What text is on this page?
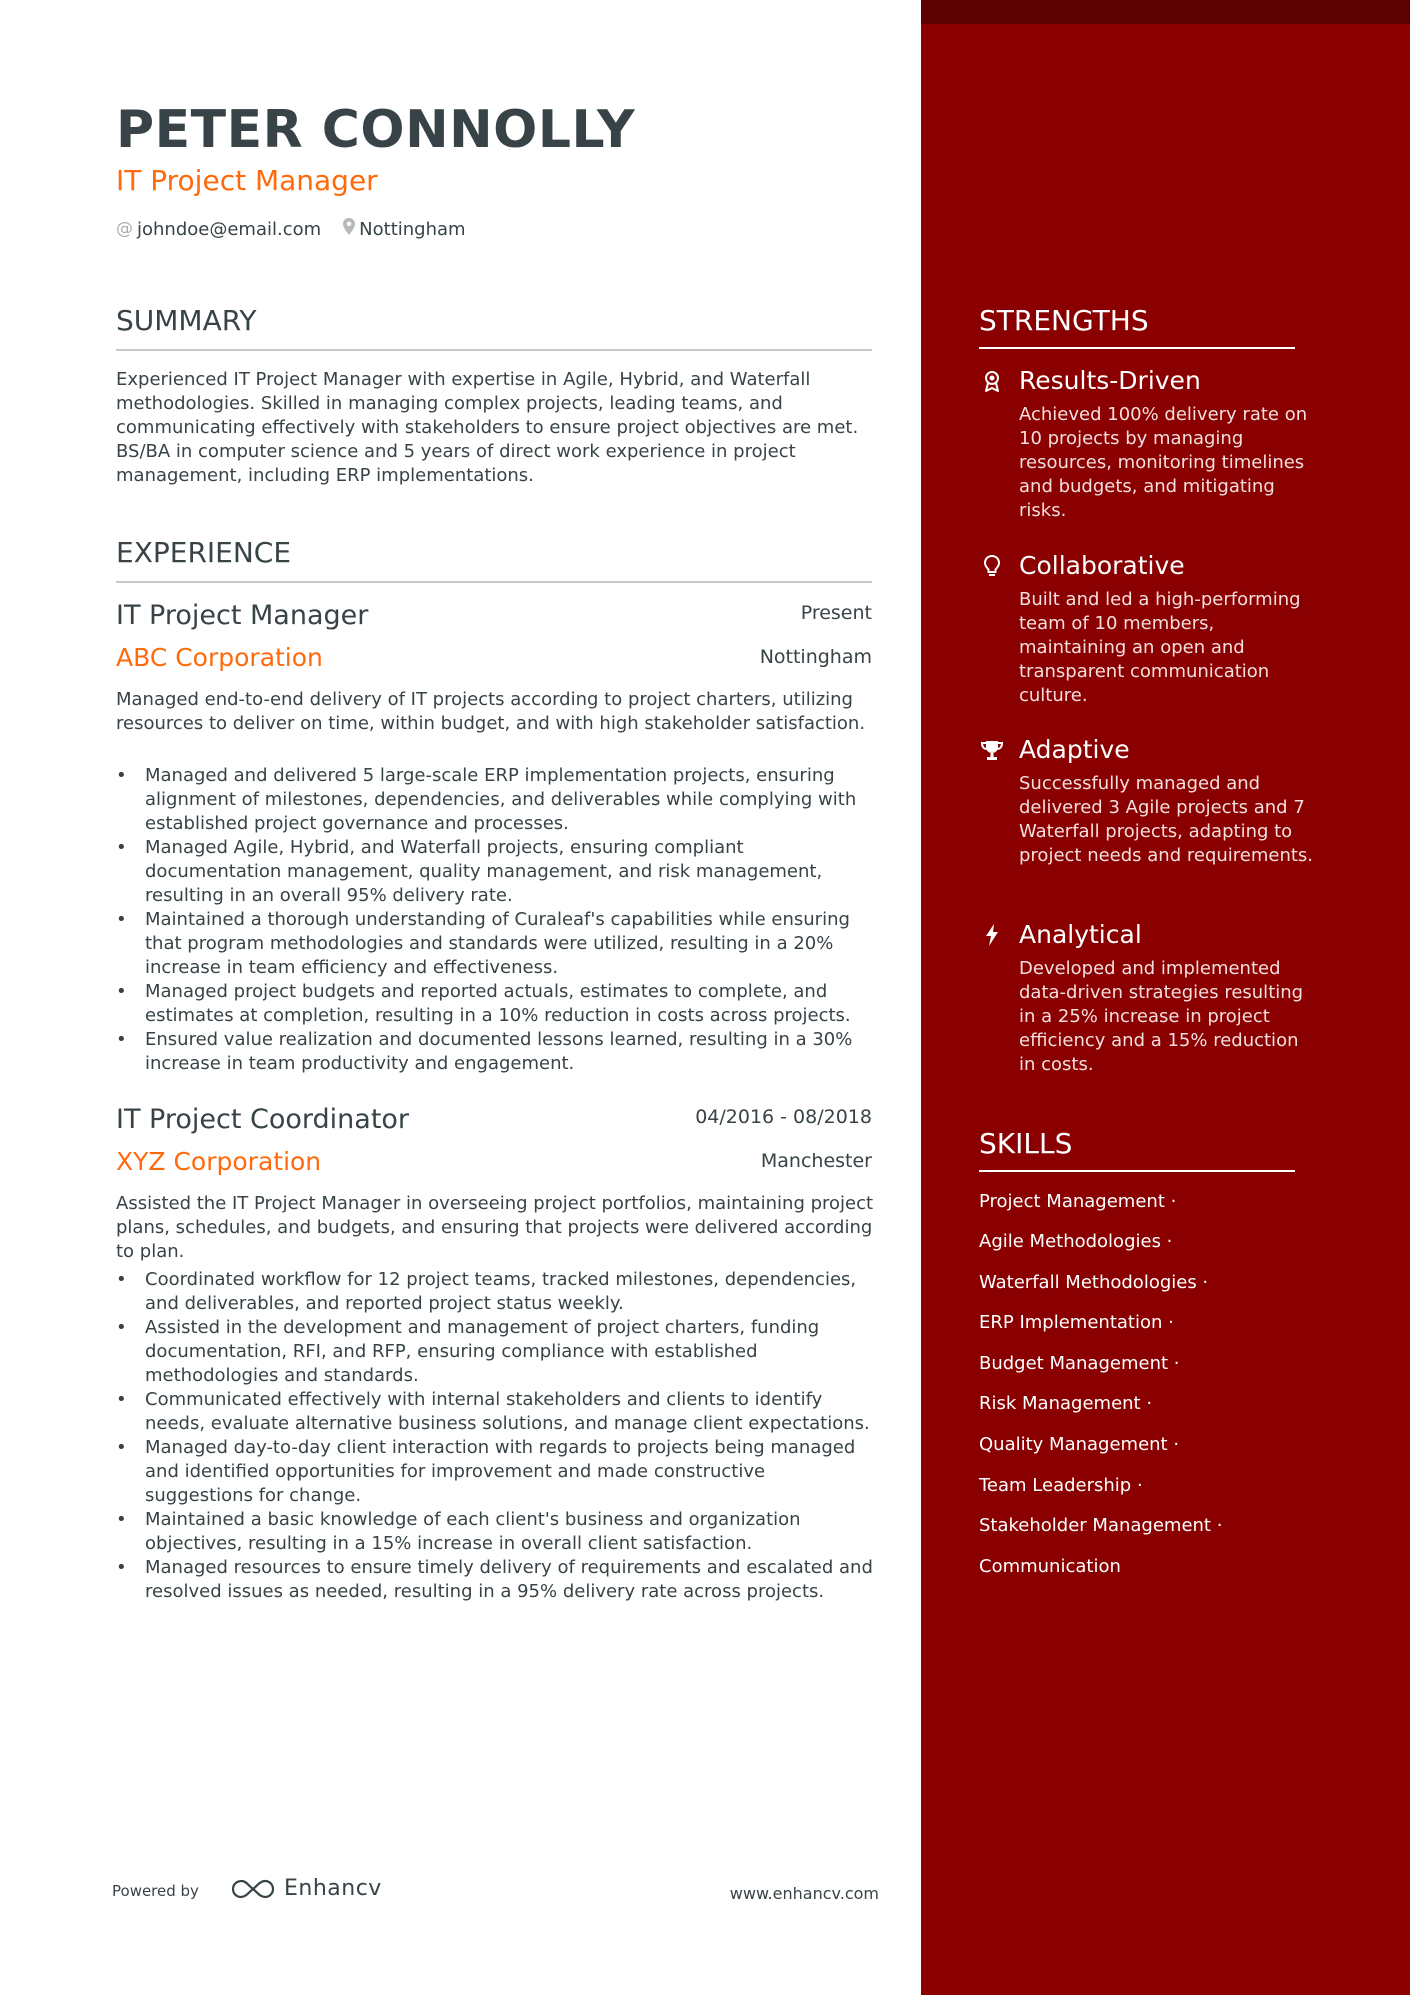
PETER CONNOLLY
IT Project Manager
@ johndoe@email.com Nottingham
SUMMARY
Experienced IT Project Manager with expertise in Agile, Hybrid, and Waterfall methodologies. Skilled in managing complex projects, leading teams, and communicating effectively with stakeholders to ensure project objectives are met. BS/BA in computer science and 5 years of direct work experience in project management, including ERP implementations.
EXPERIENCE
IT Project Manager	Present
ABC Corporation	Nottingham
Managed end-to-end delivery of IT projects according to project charters, utilizing resources to deliver on time, within budget, and with high stakeholder satisfaction.
• Managed and delivered 5 large-scale ERP implementation projects, ensuring alignment of milestones, dependencies, and deliverables while complying with established project governance and processes.
• Managed Agile, Hybrid, and Waterfall projects, ensuring compliant documentation management, quality management, and risk management, resulting in an overall 95% delivery rate.
• Maintained a thorough understanding of Curaleaf's capabilities while ensuring that program methodologies and standards were utilized, resulting in a 20% increase in team efficiency and effectiveness.
• Managed project budgets and reported actuals, estimates to complete, and estimates at completion, resulting in a 10% reduction in costs across projects.
• Ensured value realization and documented lessons learned, resulting in a 30% increase in team productivity and engagement.
IT Project Coordinator	04/2016 - 08/2018
XYZ Corporation	Manchester
Assisted the IT Project Manager in overseeing project portfolios, maintaining project plans, schedules, and budgets, and ensuring that projects were delivered according to plan.
• Coordinated workflow for 12 project teams, tracked milestones, dependencies, and deliverables, and reported project status weekly.
• Assisted in the development and management of project charters, funding documentation, RFI, and RFP, ensuring compliance with established methodologies and standards.
• Communicated effectively with internal stakeholders and clients to identify needs, evaluate alternative business solutions, and manage client expectations.
• Managed day-to-day client interaction with regards to projects being managed and identified opportunities for improvement and made constructive suggestions for change.
• Maintained a basic knowledge of each client's business and organization objectives, resulting in a 15% increase in overall client satisfaction.
• Managed resources to ensure timely delivery of requirements and escalated and resolved issues as needed, resulting in a 95% delivery rate across projects.
Powered by	Enhancv	www.enhancv.com
STRENGTHS
Results-Driven
Achieved 100% delivery rate on 10 projects by managing resources, monitoring timelines and budgets, and mitigating risks.
Collaborative
Built and led a high-performing team of 10 members, maintaining an open and transparent communication culture.
Adaptive
Successfully managed and delivered 3 Agile projects and 7 Waterfall projects, adapting to project needs and requirements.
Analytical
Developed and implemented data-driven strategies resulting in a 25% increase in project efficiency and a 15% reduction in costs.
SKILLS
Project Management ·
Agile Methodologies ·
Waterfall Methodologies ·
ERP Implementation ·
Budget Management ·
Risk Management ·
Quality Management ·
Team Leadership ·
Stakeholder Management ·
Communication
